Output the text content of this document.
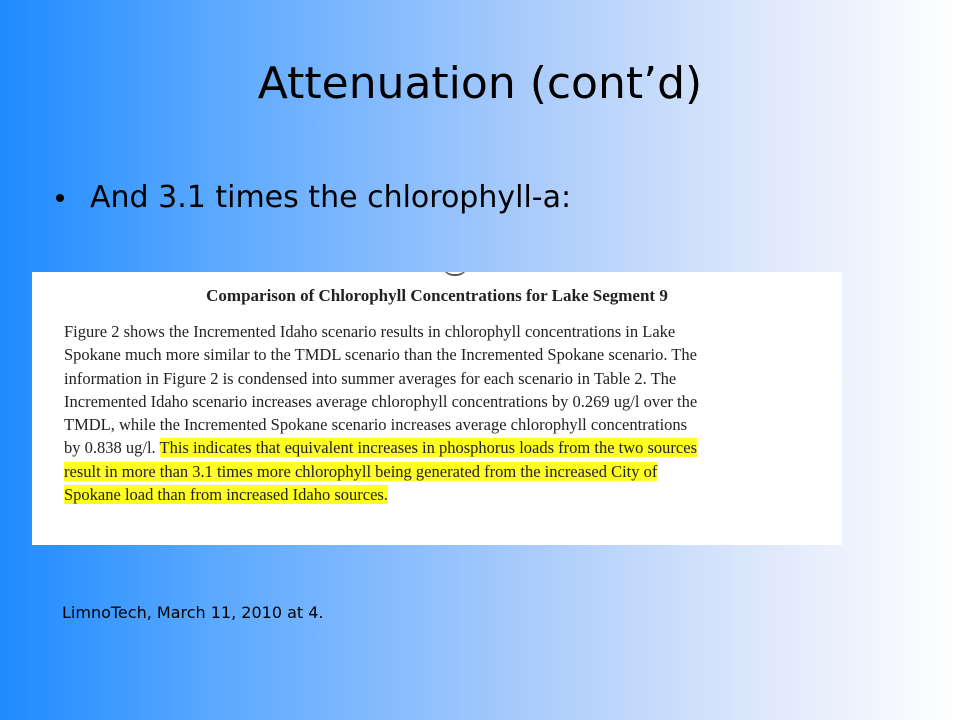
Attenuation (cont’d)
And 3.1 times the chlorophyll-a:
Comparison of Chlorophyll Concentrations for Lake Segment 9
Figure 2 shows the Incremented Idaho scenario results in chlorophyll concentrations in Lake
Spokane much more similar to the TMDL scenario than the Incremented Spokane scenario. The
information in Figure 2 is condensed into summer averages for each scenario in Table 2. The
Incremented Idaho scenario increases average chlorophyll concentrations by 0.269 ug/l over the
TMDL, while the Incremented Spokane scenario increases average chlorophyll concentrations
by 0.838 ug/l. This indicates that equivalent increases in phosphorus loads from the two sources
result in more than 3.1 times more chlorophyll being generated from the increased City of
Spokane load than from increased Idaho sources.
LimnoTech, March 11, 2010 at 4.
